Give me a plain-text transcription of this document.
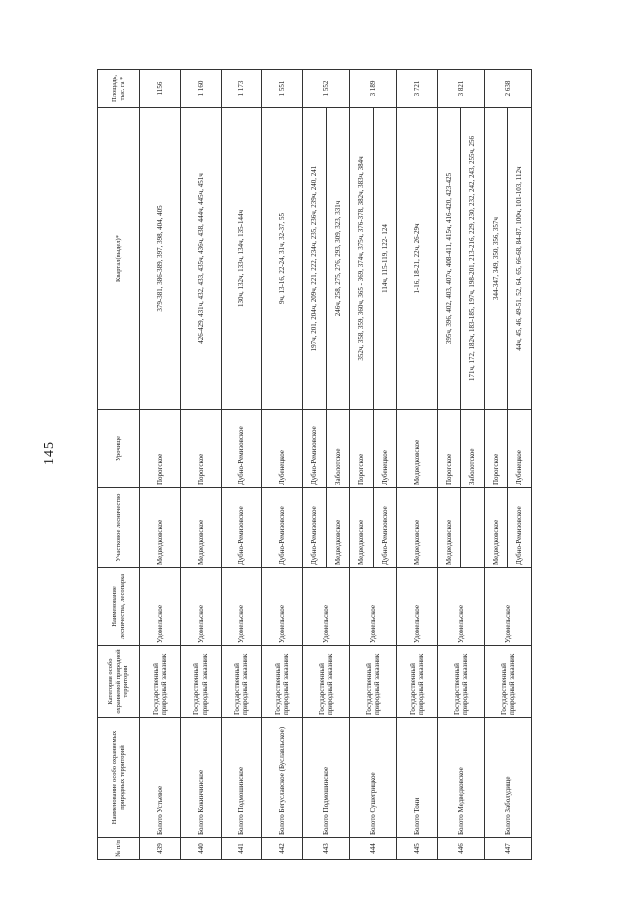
145
№ п/п	Наименование особо охраняемых природных территорий	Категория особо охраняемой природной территории	Наименование лесничества, лесопарка	Участковое лесничество	Урочище	Квартал(выдел)*	Площадь, тыс. га *
439	Болото Устьевое	Государственный природный заказник	Удомельское	Медведковское	Порогское	379-381, 386-389, 397, 398, 404, 405	1156
440	Болото Кокинчинское	Государственный природный заказник	Удомельское	Медведковское	Порогское	426-429, 431ч, 432, 433, 435ч, 436ч, 438, 444ч, 445ч, 451ч	1 160
441	Болото Подмошинское	Государственный природный заказник	Удомельское	Дубно-Ремизовское	Дубно-Ремизовское	130ч, 132ч, 133ч, 134ч, 135-144ч	1 173
442	Болото Бегуславское (Буславльское)	Государственный природный заказник	Удомельское	Дубно-Ремизовское	Лубенецкое	9ч, 13-16, 22-24, 31ч, 32-37, 55	1 551
443	Болото Подмошинское	Государственный природный заказник	Удомельское	Дубно-Ремизовское	Дубно-Ремизовское	197ч, 201, 204ч, 209ч, 221, 222, 234ч, 235, 236ч, 239ч, 240, 241	1 552
				Медведковское	Заболотское	246ч, 258, 275, 276, 293, 309, 323, 331ч	
444	Болото Сушегрицкое	Государственный природный заказник	Удомельское	Медведковское	Порогское	352ч, 358, 359, 360ч, 365 - 369, 374ч, 375ч, 376-378, 382ч, 383ч, 384ч	3 189
				Дубно-Ремизовское	Лубенецкое	114ч, 115-119, 122- 124	
445	Болото Тони	Государственный природный заказник	Удомельское	Медведковское	Медведковское	1-16, 18-21, 22ч, 26-29ч	3 721
446	Болото Медведковское	Государственный природный заказник	Удомельское	Медведковское	Порогское	395ч, 396, 402, 403, 407ч, 408-411, 415ч, 416-420, 423-425	3 821
					Заболотское	171ч, 172, 182ч, 183-185, 197ч, 198-201, 213-216, 229, 230, 232, 242, 243, 255ч, 256	
447	Болото Заболудище	Государственный природный заказник	Удомельское	Медведковское	Порогское	344-347, 349, 350, 356, 357ч	2 638
				Дубно-Ремизовское	Лубенецкое	44ч, 45, 46, 49-51, 52, 64, 65, 66-68, 84-87, 100ч, 101-103, 112ч	
